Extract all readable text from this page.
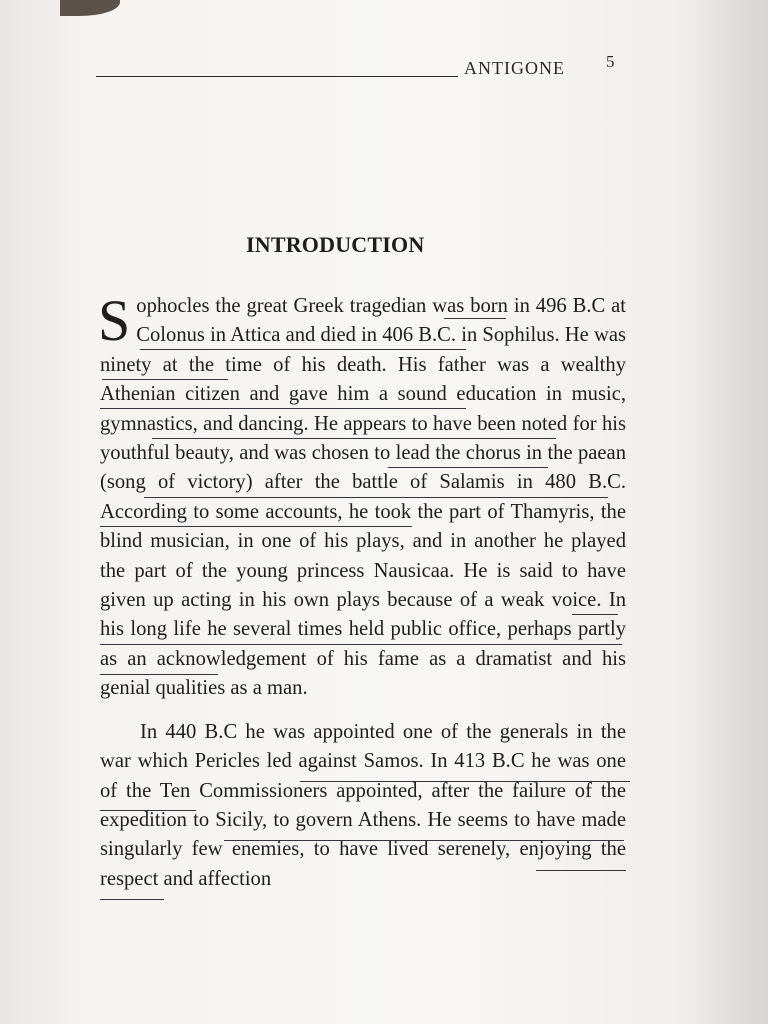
ANTIGONE 5
INTRODUCTION

Sophocles the great Greek tragedian was born in 496 B.C at Colonus in Attica and died in 406 B.C. in Sophilus. He was ninety at the time of his death. His father was a wealthy Athenian citizen and gave him a sound education in music, gymnastics, and dancing. He appears to have been noted for his youthful beauty, and was chosen to lead the chorus in the paean (song of victory) after the battle of Salamis in 480 B.C. According to some accounts, he took the part of Thamyris, the blind musician, in one of his plays, and in another he played the part of the young princess Nausicaa. He is said to have given up acting in his own plays because of a weak voice. In his long life he several times held public office, perhaps partly as an acknowledgement of his fame as a dramatist and his genial qualities as a man.

In 440 B.C he was appointed one of the generals in the war which Pericles led against Samos. In 413 B.C he was one of the Ten Commissioners appointed, after the failure of the expedition to Sicily, to govern Athens. He seems to have made singularly few enemies, to have lived serenely, enjoying the respect and affection
